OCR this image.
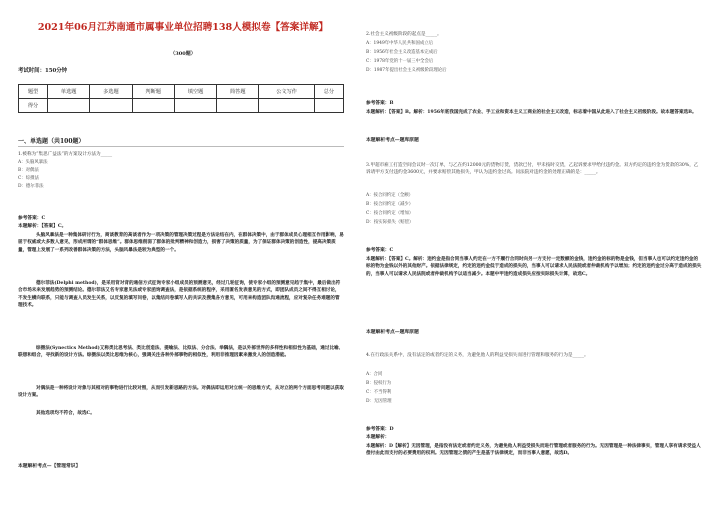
2021年06月江苏南通市属事业单位招聘138人模拟卷【答案详解】
（300题）
考试时间：150分钟
题型	单选题	多选题	判断题	填空题	简答题	公文写作	总分
得分							
一、单选题（共100题）
1.被称为“集思广益法”的方案设计方法为_____
A：头脑风暴法
B：对偶法
C：综摄法
D：德尔菲法
参考答案：C
本题解析：【答案】C。
头脑风暴法是一种集体研讨行为，商谈教育的高谈者作为一项决策的管理决策过程是方法论结在内，在群体决策中，由于群体成员心理相互作用影响，易屈于权威或大多数人意见，形成所谓的“群体思维”。群体思维削弱了群体的批判精神和创造力，损害了决策的质量，为了保证群体决策的创造性，提高决策质量，管理上发展了一系列改善群体决策的方法，头脑风暴法是较为典型的一个。
德尔菲法(Delphi method)，是采用背对背的通信方式征询专家小组成员的预测意见，经过几轮征询，使专家小组的预测意见趋于集中，最后做出符合市场未来发展趋势的预测结论。德尔菲法又名专家意见法或专家函询调查法，是依据系统的程序，采用匿名发表意见的方式，即团队成员之间不得互相讨论，不发生横向联系，只能与调查人员发生关系，以反复的填写问卷，以集结问卷填写人的共识及搜集各方意见，可用来构造团队沟通流程，应对复杂任务难题的管理技术。
综摄法(Synectics Method)又称类比思考法、类比创造法、提喻法、比拟法、分合法、举隅法，是以外部世界的多样性和相似性为基础，通过比喻、联想和组合，寻找新的设计方法。综摄法以类比思维为核心，强调关注各种外部事物的相似性，利用非推理因素来激发人的创造潜能。
对偶法是一种将设计对象与其相对的事物进行比较对照，从而引发新思路的方法。对偶法即运用对立统一的思维方式，从对立的两个方面思考问题以获取设计方案。
其他选项均不符合，故选C。
本题解析考点—【管理常识】
2.社会主义初级阶段的起点是_____。
A：1949年中华人民共和国成立后
B：1956年社会主义改造基本完成后
C：1978年党的十一届三中全会后
D：1987年提出社会主义初级阶段理论后
参考答案：B
本题解析：【答案】B。解析：1956年底我国完成了农业、手工业和资本主义工商业的社会主义改造，标志着中国从此进入了社会主义初级阶段。故本题答案选B。
本题解析考点—题库原题
3.甲超市雇工打造空间会议时一次订单，与乙在约12000元的货物订货，货款已付，甲未按时交货，乙起诉要求甲给付违约金。双方约定的违约金为货款的30%，乙诉请甲方支付违约金3600元，并要求赔偿其他损失，甲认为违约金过高。问法院对违约金的处理正确的是：_____。
A：按合同约定（全额）
B：按合同约定（减少）
C：按合同约定（增加）
D：按实际损失（赔偿）
参考答案：C
本题解析：【答案】C。解析：违约金是指合同当事人约定在一方不履行合同时向另一方支付一定数额的金钱，违约金的标的物是金钱，但当事人也可以约定违约金的标的物为金钱以外的其他财产。依据法律规定，约定的违约金低于造成的损失的，当事人可以请求人民法院或者仲裁机构予以增加；约定的违约金过分高于造成的损失的，当事人可以请求人民法院或者仲裁机构予以适当减少。本题中甲违约造成损失应按实际损失计算，故选C。
本题解析考点—题库原题
4.在行政法关系中，没有法定的或者约定的义务，为避免他人的利益受损失而进行管理和服务的行为是_____。
A：合同
B：侵权行为
C：不当得利
D：无因管理
参考答案：D
本题解析：
本题解析：D【解析】无因管理，是指没有法定或者约定义务，为避免他人利益受损失而进行管理或者服务的行为。无因管理是一种法律事实，管理人享有请求受益人偿付由此而支付的必要费用的权利。无因管理之债的产生是基于法律规定，而非当事人意愿，故选D。
